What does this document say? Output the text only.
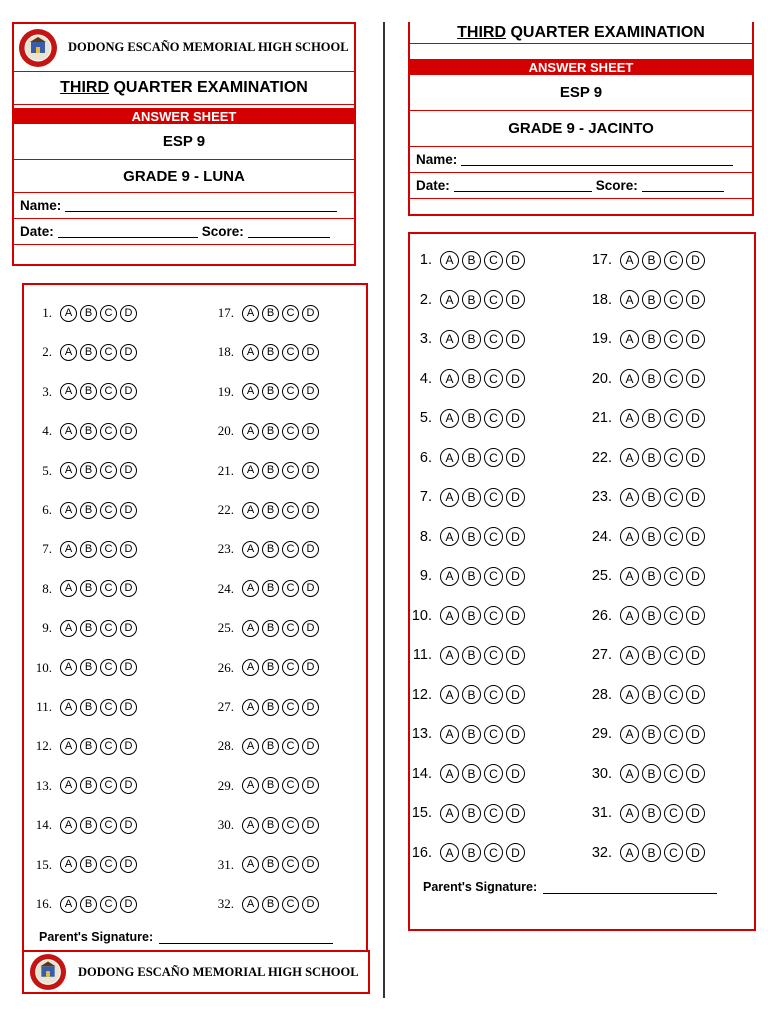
DODONG ESCAÑO MEMORIAL HIGH SCHOOL
THIRD QUARTER EXAMINATION
ANSWER SHEET
ESP 9
GRADE 9 - LUNA
Name:
Date:	Score:
1.	A	B	C	D
2.	A	B	C	D
3.	A	B	C	D
4.	A	B	C	D
5.	A	B	C	D
6.	A	B	C	D
7.	A	B	C	D
8.	A	B	C	D
9.	A	B	C	D
10.	A	B	C	D
11.	A	B	C	D
12.	A	B	C	D
13.	A	B	C	D
14.	A	B	C	D
15.	A	B	C	D
16.	A	B	C	D
17.	A	B	C	D
18.	A	B	C	D
19.	A	B	C	D
20.	A	B	C	D
21.	A	B	C	D
22.	A	B	C	D
23.	A	B	C	D
24.	A	B	C	D
25.	A	B	C	D
26.	A	B	C	D
27.	A	B	C	D
28.	A	B	C	D
29.	A	B	C	D
30.	A	B	C	D
31.	A	B	C	D
32.	A	B	C	D
Parent's Signature:
DODONG ESCAÑO MEMORIAL HIGH SCHOOL
THIRD QUARTER EXAMINATION
ANSWER SHEET
ESP 9
GRADE 9 - JACINTO
Name:
Date:	Score:
1.	A	B	C	D
2.	A	B	C	D
3.	A	B	C	D
4.	A	B	C	D
5.	A	B	C	D
6.	A	B	C	D
7.	A	B	C	D
8.	A	B	C	D
9.	A	B	C	D
10.	A	B	C	D
11.	A	B	C	D
12.	A	B	C	D
13.	A	B	C	D
14.	A	B	C	D
15.	A	B	C	D
16.	A	B	C	D
17.	A	B	C	D
18.	A	B	C	D
19.	A	B	C	D
20.	A	B	C	D
21.	A	B	C	D
22.	A	B	C	D
23.	A	B	C	D
24.	A	B	C	D
25.	A	B	C	D
26.	A	B	C	D
27.	A	B	C	D
28.	A	B	C	D
29.	A	B	C	D
30.	A	B	C	D
31.	A	B	C	D
32.	A	B	C	D
Parent's Signature:
